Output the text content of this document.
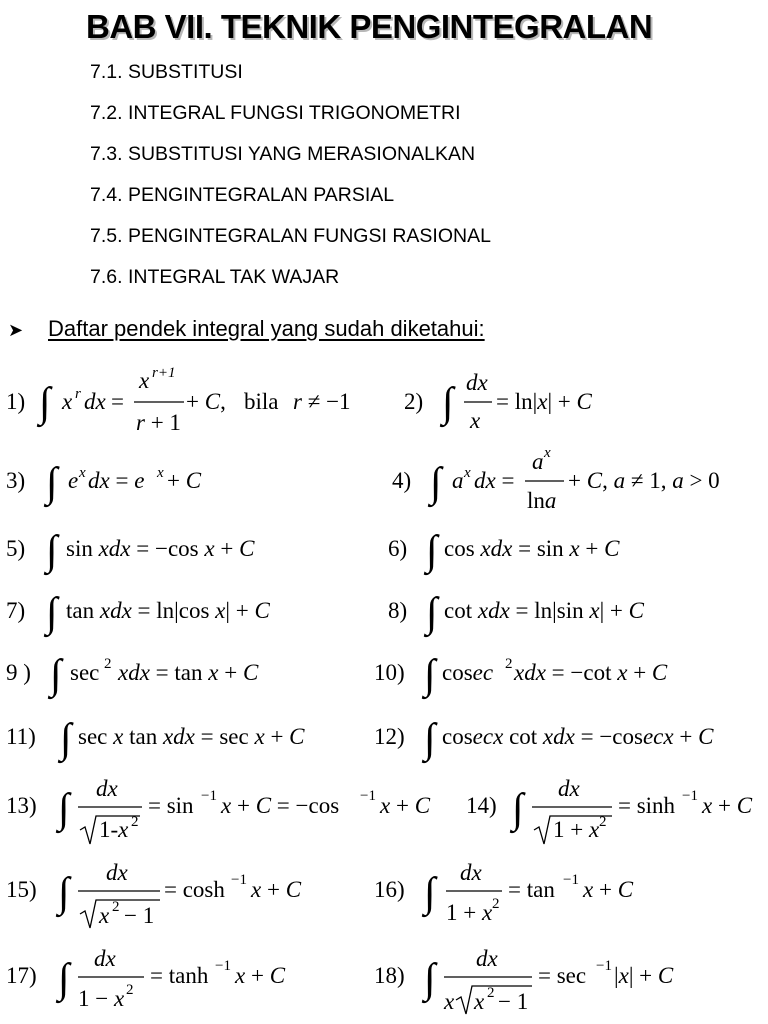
BAB VII. TEKNIK PENGINTEGRALAN
7.1. SUBSTITUSI
7.2. INTEGRAL FUNGSI TRIGONOMETRI
7.3. SUBSTITUSI YANG MERASIONALKAN
7.4. PENGINTEGRALAN PARSIAL
7.5. PENGINTEGRALAN FUNGSI RASIONAL
7.6. INTEGRAL TAK WAJAR
➤ Daftar pendek integral yang sudah diketahui:
1) ∫ x r dx =
x r+1
r + 1
+ C, bila r ≠ −1 2) ∫ dx
x
= ln|x| + C
3) ∫ e x dx = e x + C	4) ∫ a x dx =
a x
lna
+ C, a ≠ 1, a > 0
5) ∫ sin xdx = −cos x + C	6) ∫ cos xdx = sin x + C
7) ∫ tan xdx = ln|cos x| + C	8) ∫ cot xdx = ln|sin x| + C
9 ) ∫ sec 2 xdx = tan x + C	10) ∫ cosec 2 xdx = −cot x + C
11) ∫ sec x tan xdx = sec x + C	12) ∫ cosecx cot xdx = −cosecx + C
13) ∫ dx
1-x 2
= sin −1 x + C = −cos −1 x + C 14) ∫ dx
1 + x 2
= sinh −1 x + C
15) ∫ dx
x 2 − 1
= cosh −1 x + C	16) ∫ dx
1 + x 2
= tan −1 x + C
17) ∫ dx
1 − x 2
= tanh −1 x + C	18) ∫ dx
x x 2 − 1
= sec −1 |x| + C
